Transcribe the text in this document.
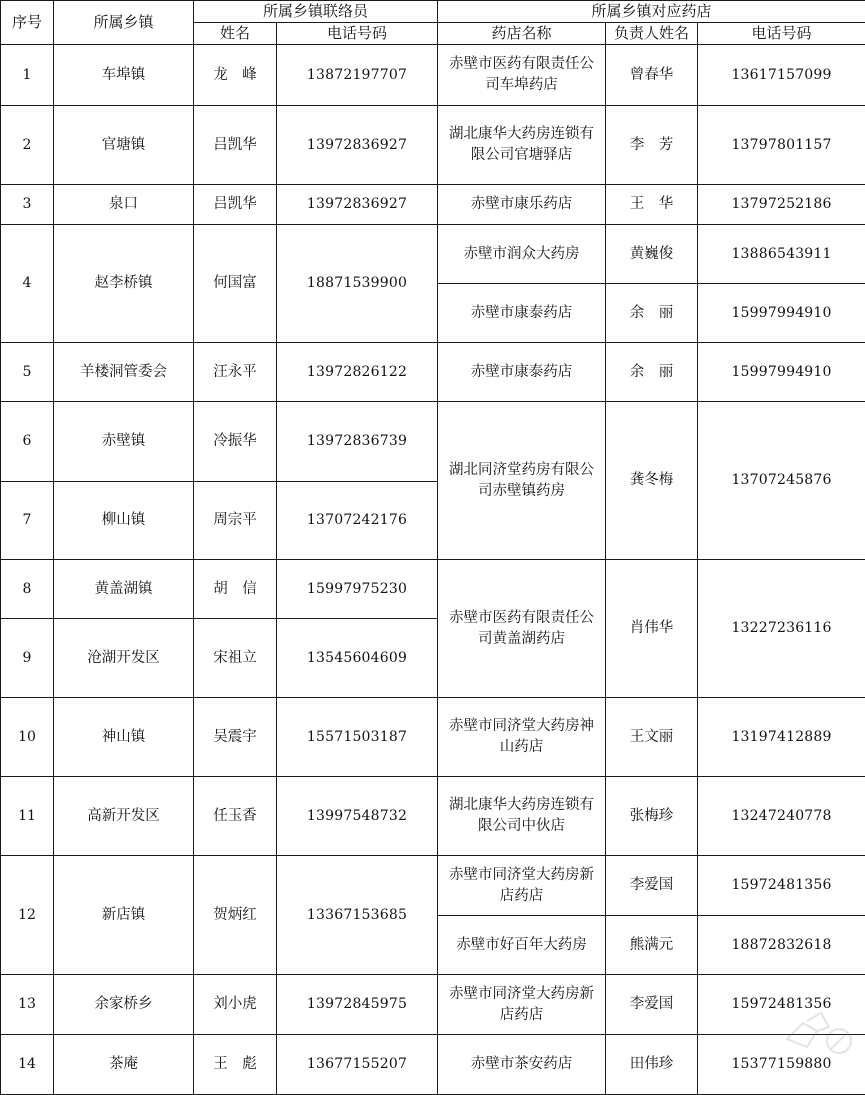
序号	所属乡镇	所属乡镇联络员		所属乡镇对应药店		
		姓名	电话号码	药店名称	负责人姓名	电话号码
1	车埠镇	龙　峰	13872197707	赤壁市医药有限责任公司车埠药店	曾春华	13617157099
2	官塘镇	吕凯华	13972836927	湖北康华大药房连锁有限公司官塘驿店	李　芳	13797801157
3	泉口	吕凯华	13972836927	赤壁市康乐药店	王　华	13797252186
4	赵李桥镇	何国富	18871539900	赤壁市润众大药房	黄巍俊	13886543911
				赤壁市康泰药店	余　丽	15997994910
5	羊楼洞管委会	汪永平	13972826122	赤壁市康泰药店	余　丽	15997994910
6	赤壁镇	冷振华	13972836739	湖北同济堂药房有限公司赤壁镇药房	龚冬梅	13707245876
7	柳山镇	周宗平	13707242176			
8	黄盖湖镇	胡　信	15997975230	赤壁市医药有限责任公司黄盖湖药店	肖伟华	13227236116
9	沧湖开发区	宋祖立	13545604609			
10	神山镇	吴震宇	15571503187	赤壁市同济堂大药房神山药店	王文丽	13197412889
11	高新开发区	任玉香	13997548732	湖北康华大药房连锁有限公司中伙店	张梅珍	13247240778
12	新店镇	贺炳红	13367153685	赤壁市同济堂大药房新店药店	李爱国	15972481356
				赤壁市好百年大药房	熊满元	18872832618
13	余家桥乡	刘小虎	13972845975	赤壁市同济堂大药房新店药店	李爱国	15972481356
14	茶庵	王　彪	13677155207	赤壁市茶安药店	田伟珍	15377159880
